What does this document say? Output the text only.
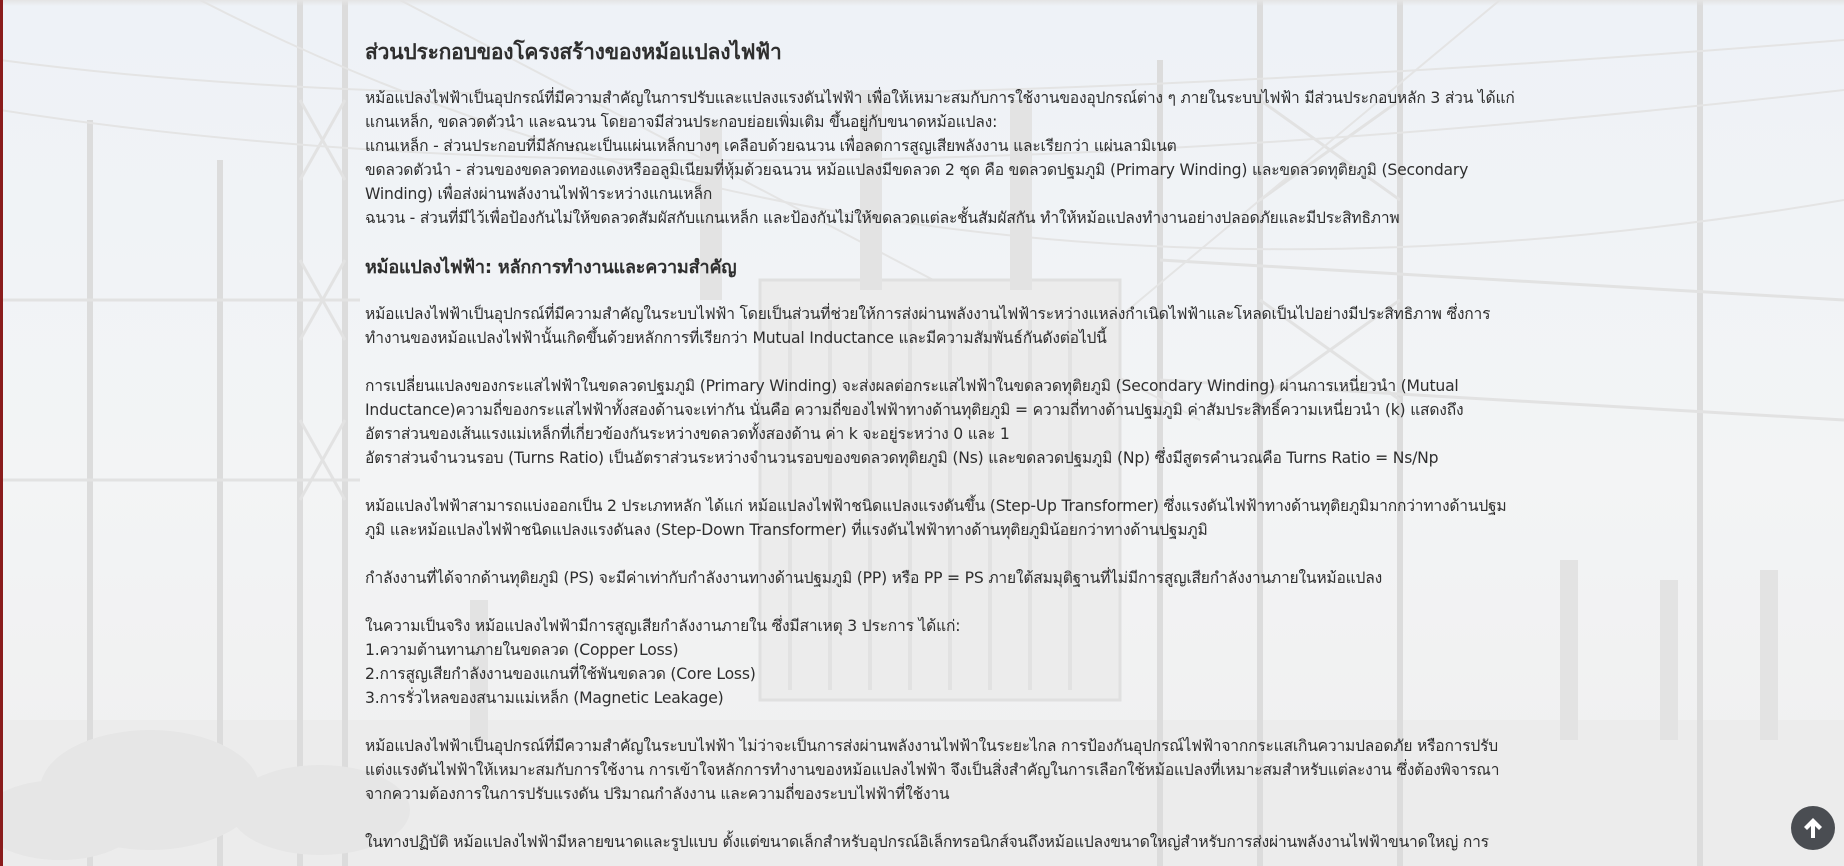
ส่วนประกอบของโครงสร้างของหม้อแปลงไฟฟ้า

หม้อแปลงไฟฟ้าเป็นอุปกรณ์ที่มีความสำคัญในการปรับและแปลงแรงดันไฟฟ้า เพื่อให้เหมาะสมกับการใช้งานของอุปกรณ์ต่าง ๆ ภายในระบบไฟฟ้า มีส่วนประกอบหลัก 3 ส่วน ได้แก่ แกนเหล็ก, ขดลวดตัวนำ และฉนวน โดยอาจมีส่วนประกอบย่อยเพิ่มเติม ขึ้นอยู่กับขนาดหม้อแปลง:

แกนเหล็ก - ส่วนประกอบที่มีลักษณะเป็นแผ่นเหล็กบางๆ เคลือบด้วยฉนวน เพื่อลดการสูญเสียพลังงาน และเรียกว่า แผ่นลามิเนต

ขดลวดตัวนำ - ส่วนของขดลวดทองแดงหรืออลูมิเนียมที่หุ้มด้วยฉนวน หม้อแปลงมีขดลวด 2 ชุด คือ ขดลวดปฐมภูมิ (Primary Winding) และขดลวดทุติยภูมิ (Secondary Winding) เพื่อส่งผ่านพลังงานไฟฟ้าระหว่างแกนเหล็ก

ฉนวน - ส่วนที่มีไว้เพื่อป้องกันไม่ให้ขดลวดสัมผัสกับแกนเหล็ก และป้องกันไม่ให้ขดลวดแต่ละชั้นสัมผัสกัน ทำให้หม้อแปลงทำงานอย่างปลอดภัยและมีประสิทธิภาพ

หม้อแปลงไฟฟ้า: หลักการทำงานและความสำคัญ

หม้อแปลงไฟฟ้าเป็นอุปกรณ์ที่มีความสำคัญในระบบไฟฟ้า โดยเป็นส่วนที่ช่วยให้การส่งผ่านพลังงานไฟฟ้าระหว่างแหล่งกำเนิดไฟฟ้าและโหลดเป็นไปอย่างมีประสิทธิภาพ ซึ่งการทำงานของหม้อแปลงไฟฟ้านั้นเกิดขึ้นด้วยหลักการที่เรียกว่า Mutual Inductance และมีความสัมพันธ์กันดังต่อไปนี้

การเปลี่ยนแปลงของกระแสไฟฟ้าในขดลวดปฐมภูมิ (Primary Winding) จะส่งผลต่อกระแสไฟฟ้าในขดลวดทุติยภูมิ (Secondary Winding) ผ่านการเหนี่ยวนำ (Mutual Inductance)ความถี่ของกระแสไฟฟ้าทั้งสองด้านจะเท่ากัน นั่นคือ ความถี่ของไฟฟ้าทางด้านทุติยภูมิ = ความถี่ทางด้านปฐมภูมิ ค่าสัมประสิทธิ์ความเหนี่ยวนำ (k) แสดงถึงอัตราส่วนของเส้นแรงแม่เหล็กที่เกี่ยวข้องกันระหว่างขดลวดทั้งสองด้าน ค่า k จะอยู่ระหว่าง 0 และ 1

อัตราส่วนจำนวนรอบ (Turns Ratio) เป็นอัตราส่วนระหว่างจำนวนรอบของขดลวดทุติยภูมิ (Ns) และขดลวดปฐมภูมิ (Np) ซึ่งมีสูตรคำนวณคือ Turns Ratio = Ns/Np

หม้อแปลงไฟฟ้าสามารถแบ่งออกเป็น 2 ประเภทหลัก ได้แก่ หม้อแปลงไฟฟ้าชนิดแปลงแรงดันขึ้น (Step-Up Transformer) ซึ่งแรงดันไฟฟ้าทางด้านทุติยภูมิมากกว่าทางด้านปฐมภูมิ และหม้อแปลงไฟฟ้าชนิดแปลงแรงดันลง (Step-Down Transformer) ที่แรงดันไฟฟ้าทางด้านทุติยภูมิน้อยกว่าทางด้านปฐมภูมิ

กำลังงานที่ได้จากด้านทุติยภูมิ (PS) จะมีค่าเท่ากับกำลังงานทางด้านปฐมภูมิ (PP) หรือ PP = PS ภายใต้สมมุติฐานที่ไม่มีการสูญเสียกำลังงานภายในหม้อแปลง

ในความเป็นจริง หม้อแปลงไฟฟ้ามีการสูญเสียกำลังงานภายใน ซึ่งมีสาเหตุ 3 ประการ ได้แก่:

1.ความต้านทานภายในขดลวด (Copper Loss)

2.การสูญเสียกำลังงานของแกนที่ใช้พันขดลวด (Core Loss)

3.การรั่วไหลของสนามแม่เหล็ก (Magnetic Leakage)

หม้อแปลงไฟฟ้าเป็นอุปกรณ์ที่มีความสำคัญในระบบไฟฟ้า ไม่ว่าจะเป็นการส่งผ่านพลังงานไฟฟ้าในระยะไกล การป้องกันอุปกรณ์ไฟฟ้าจากกระแสเกินความปลอดภัย หรือการปรับแต่งแรงดันไฟฟ้าให้เหมาะสมกับการใช้งาน การเข้าใจหลักการทำงานของหม้อแปลงไฟฟ้า จึงเป็นสิ่งสำคัญในการเลือกใช้หม้อแปลงที่เหมาะสมสำหรับแต่ละงาน ซึ่งต้องพิจารณาจากความต้องการในการปรับแรงดัน ปริมาณกำลังงาน และความถี่ของระบบไฟฟ้าที่ใช้งาน

ในทางปฏิบัติ หม้อแปลงไฟฟ้ามีหลายขนาดและรูปแบบ ตั้งแต่ขนาดเล็กสำหรับอุปกรณ์อิเล็กทรอนิกส์จนถึงหม้อแปลงขนาดใหญ่สำหรับการส่งผ่านพลังงานไฟฟ้าขนาดใหญ่ การ
